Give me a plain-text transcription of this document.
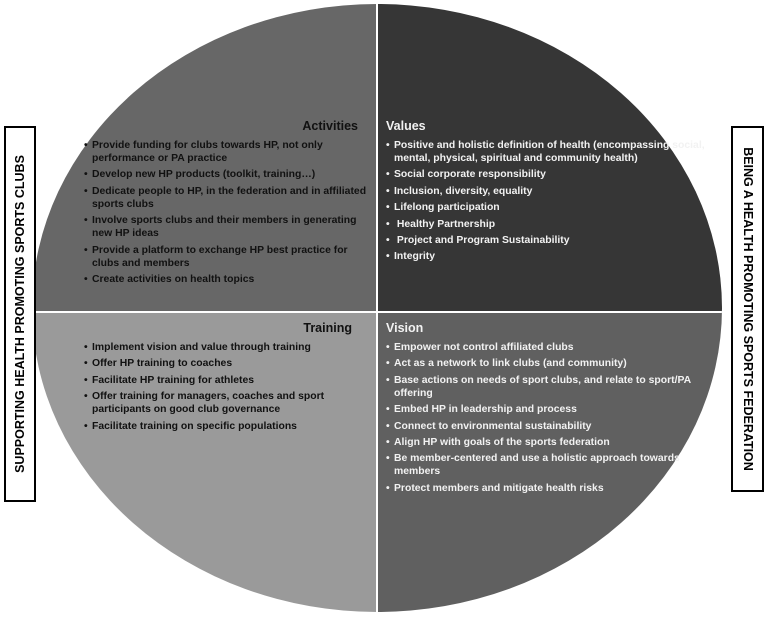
Activities
• Provide funding for clubs towards HP, not only performance or PA practice
• Develop new HP products (toolkit, training…)
• Dedicate people to HP, in the federation and in affiliated sports clubs
• Involve sports clubs and their members in generating new HP ideas
• Provide a platform to exchange HP best practice for clubs and members
• Create activities on health topics
Values
• Positive and holistic definition of health (encompassing social, mental, physical, spiritual and community health)
• Social corporate responsibility
• Inclusion, diversity, equality
• Lifelong participation
• Healthy Partnership
• Project and Program Sustainability
• Integrity
Training
• Implement vision and value through training
• Offer HP training to coaches
• Facilitate HP training for athletes
• Offer training for managers, coaches and sport participants on good club governance
• Facilitate training on specific populations
Vision
• Empower not control affiliated clubs
• Act as a network to link clubs (and community)
• Base actions on needs of sport clubs, and relate to sport/PA offering
• Embed HP in leadership and process
• Connect to environmental sustainability
• Align HP with goals of the sports federation
• Be member-centered and use a holistic approach towards members
• Protect members and mitigate health risks
SUPPORTING HEALTH PROMOTING SPORTS CLUBS	BEING A HEALTH PROMOTING SPORTS FEDERATION
